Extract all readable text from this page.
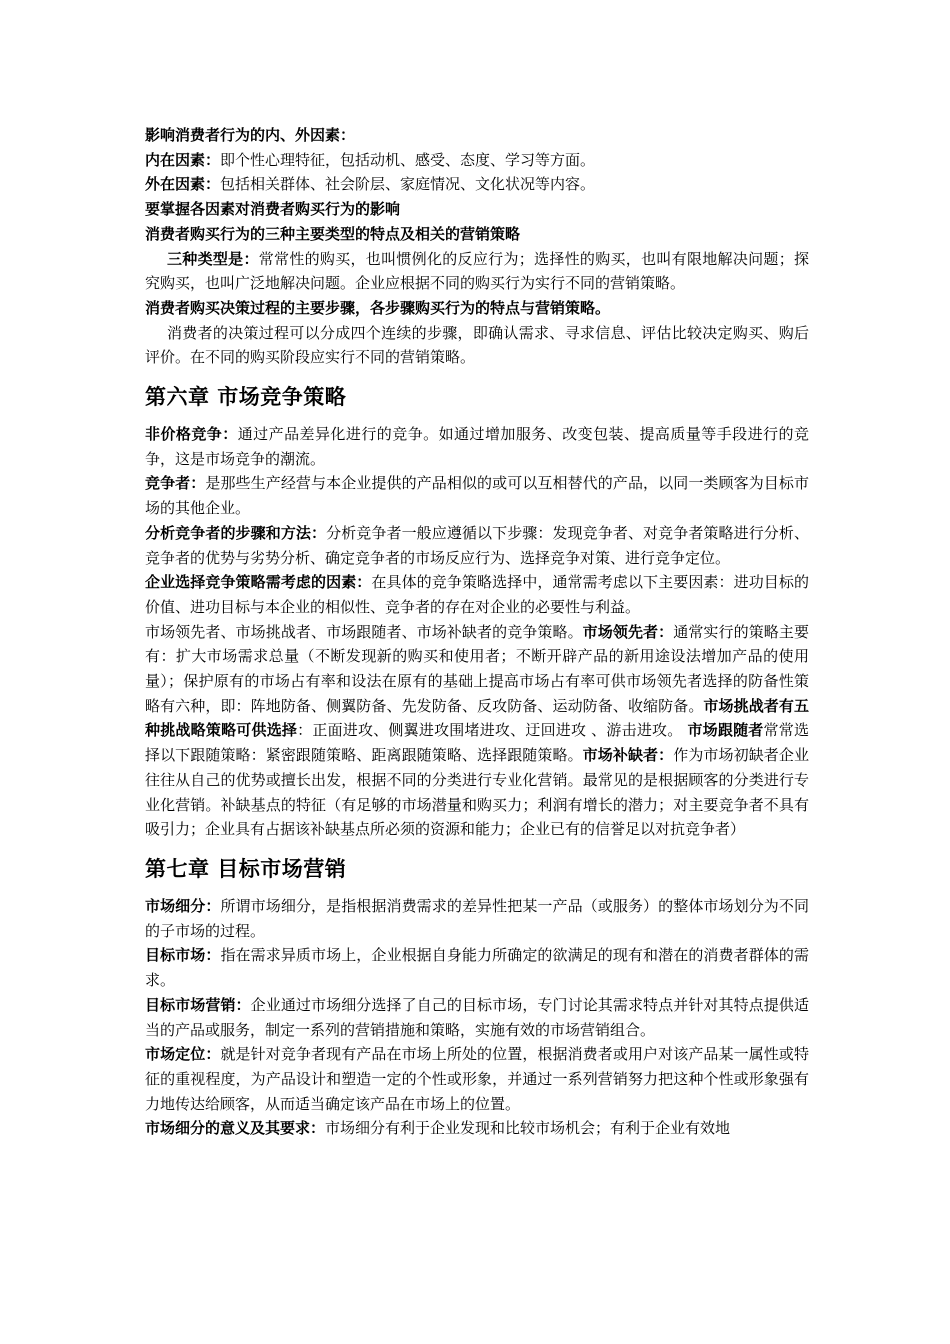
影响消费者行为的内、外因素：

内在因素：即个性心理特征，包括动机、感受、态度、学习等方面。

外在因素：包括相关群体、社会阶层、家庭情况、文化状况等内容。

要掌握各因素对消费者购买行为的影响

消费者购买行为的三种主要类型的特点及相关的营销策略

三种类型是：常常性的购买，也叫惯例化的反应行为；选择性的购买，也叫有限地解决问题；探究购买，也叫广泛地解决问题。企业应根据不同的购买行为实行不同的营销策略。

消费者购买决策过程的主要步骤，各步骤购买行为的特点与营销策略。

消费者的决策过程可以分成四个连续的步骤，即确认需求、寻求信息、评估比较决定购买、购后评价。在不同的购买阶段应实行不同的营销策略。

第六章 市场竞争策略

非价格竞争：通过产品差异化进行的竞争。如通过增加服务、改变包装、提高质量等手段进行的竞争，这是市场竞争的潮流。

竞争者：是那些生产经营与本企业提供的产品相似的或可以互相替代的产品，以同一类顾客为目标市场的其他企业。

分析竞争者的步骤和方法：分析竞争者一般应遵循以下步骤：发现竞争者、对竞争者策略进行分析、竞争者的优势与劣势分析、确定竞争者的市场反应行为、选择竞争对策、进行竞争定位。

企业选择竞争策略需考虑的因素：在具体的竞争策略选择中，通常需考虑以下主要因素：进功目标的价值、进功目标与本企业的相似性、竞争者的存在对企业的必要性与利益。

市场领先者、市场挑战者、市场跟随者、市场补缺者的竞争策略。市场领先者：通常实行的策略主要有：扩大市场需求总量（不断发现新的购买和使用者；不断开辟产品的新用途设法增加产品的使用量）；保护原有的市场占有率和设法在原有的基础上提高市场占有率可供市场领先者选择的防备性策略有六种，即：阵地防备、侧翼防备、先发防备、反攻防备、运动防备、收缩防备。市场挑战者有五种挑战略策略可供选择：正面进攻、侧翼进攻围堵进攻、迂回进攻 、游击进攻。 市场跟随者常常选择以下跟随策略：紧密跟随策略、距离跟随策略、选择跟随策略。市场补缺者：作为市场初缺者企业往往从自己的优势或擅长出发，根据不同的分类进行专业化营销。最常见的是根据顾客的分类进行专业化营销。补缺基点的特征（有足够的市场潜量和购买力；利润有增长的潜力；对主要竞争者不具有吸引力；企业具有占据该补缺基点所必须的资源和能力；企业已有的信誉足以对抗竞争者）

第七章 目标市场营销

市场细分：所谓市场细分，是指根据消费需求的差异性把某一产品（或服务）的整体市场划分为不同的子市场的过程。

目标市场：指在需求异质市场上，企业根据自身能力所确定的欲满足的现有和潜在的消费者群体的需求。

目标市场营销：企业通过市场细分选择了自己的目标市场，专门讨论其需求特点并针对其特点提供适当的产品或服务，制定一系列的营销措施和策略，实施有效的市场营销组合。

市场定位：就是针对竞争者现有产品在市场上所处的位置，根据消费者或用户对该产品某一属性或特征的重视程度，为产品设计和塑造一定的个性或形象，并通过一系列营销努力把这种个性或形象强有力地传达给顾客，从而适当确定该产品在市场上的位置。

市场细分的意义及其要求：市场细分有利于企业发现和比较市场机会；有利于企业有效地
